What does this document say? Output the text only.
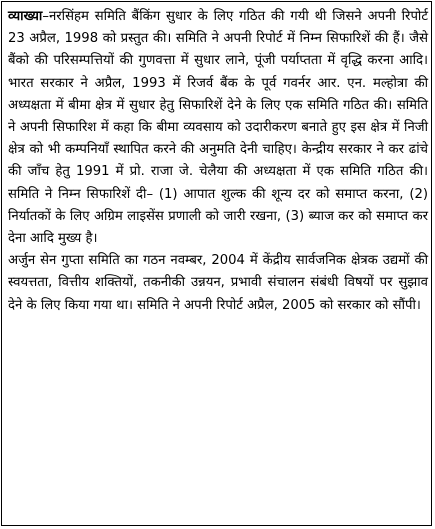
व्याख्या–नरसिंहम समिति बैंकिंग सुधार के लिए गठित की गयी थी जिसने अपनी रिपोर्ट 23 अप्रैल, 1998 को प्रस्तुत की। समिति ने अपनी रिपोर्ट में निम्न सिफारिशें की हैं। जैसे बैंको की परिसम्पत्तियों की गुणवत्ता में सुधार लाने, पूंजी पर्याप्तता में वृद्धि करना आदि। भारत सरकार ने अप्रैल, 1993 में रिजर्व बैंक के पूर्व गवर्नर आर. एन. मल्होत्रा की अध्यक्षता में बीमा क्षेत्र में सुधार हेतु सिफारिशें देने के लिए एक समिति गठित की। समिति ने अपनी सिफारिश में कहा कि बीमा व्यवसाय को उदारीकरण बनाते हुए इस क्षेत्र में निजी क्षेत्र को भी कम्पनियाँ स्थापित करने की अनुमति देनी चाहिए। केन्द्रीय सरकार ने कर ढांचे की जाँच हेतु 1991 में प्रो. राजा जे. चेलैया की अध्यक्षता में एक समिति गठित की। समिति ने निम्न सिफारिशें दी– (1) आपात शुल्क की शून्य दर को समाप्त करना, (2) निर्यातकों के लिए अग्रिम लाइसेंस प्रणाली को जारी रखना, (3) ब्याज कर को समाप्त कर देना आदि मुख्य है।

अर्जुन सेन गुप्ता समिति का गठन नवम्बर, 2004 में केंद्रीय सार्वजनिक क्षेत्रक उद्यमों की स्वयत्तता, वित्तीय शक्तियों, तकनीकी उन्नयन, प्रभावी संचालन संबंधी विषयों पर सुझाव देने के लिए किया गया था। समिति ने अपनी रिपोर्ट अप्रैल, 2005 को सरकार को सौंपी।
